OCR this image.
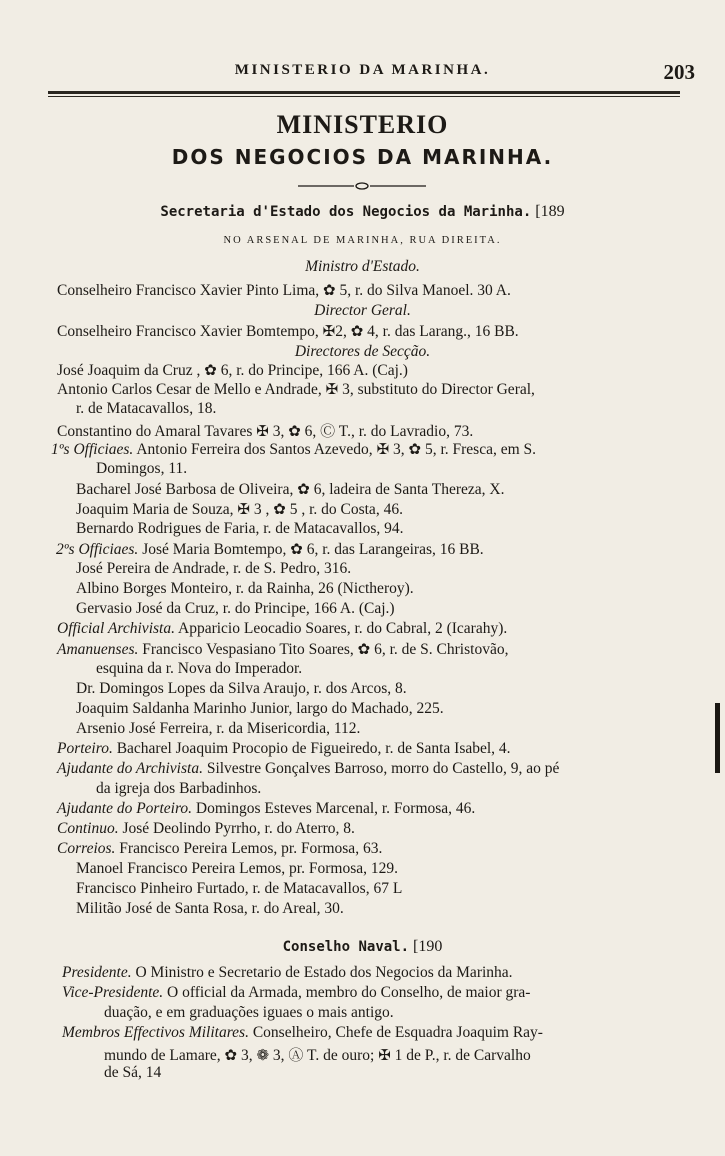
MINISTERIO DA MARINHA.	203
MINISTERIO
DOS NEGOCIOS DA MARINHA.
Secretaria d'Estado dos Negocios da Marinha. [189
NO ARSENAL DE MARINHA, RUA DIREITA.
Ministro d'Estado.
Conselheiro Francisco Xavier Pinto Lima, ✿ 5, r. do Silva Manoel. 30 A.
Director Geral.
Conselheiro Francisco Xavier Bomtempo, ✠2, ✿ 4, r. das Larang., 16 BB.
Directores de Secção.
José Joaquim da Cruz , ✿ 6, r. do Principe, 166 A. (Caj.)
Antonio Carlos Cesar de Mello e Andrade, ✠ 3, substituto do Director Geral,
r. de Matacavallos, 18.
Constantino do Amaral Tavares ✠ 3, ✿ 6, Ⓒ T., r. do Lavradio, 73.
1ºs Officiaes. Antonio Ferreira dos Santos Azevedo, ✠ 3, ✿ 5, r. Fresca, em S.
Domingos, 11.
Bacharel José Barbosa de Oliveira, ✿ 6, ladeira de Santa Thereza, X.
Joaquim Maria de Souza, ✠ 3 , ✿ 5 , r. do Costa, 46.
Bernardo Rodrigues de Faria, r. de Matacavallos, 94.
2ºs Officiaes. José Maria Bomtempo, ✿ 6, r. das Larangeiras, 16 BB.
José Pereira de Andrade, r. de S. Pedro, 316.
Albino Borges Monteiro, r. da Rainha, 26 (Nictheroy).
Gervasio José da Cruz, r. do Principe, 166 A. (Caj.)
Official Archivista. Apparicio Leocadio Soares, r. do Cabral, 2 (Icarahy).
Amanuenses. Francisco Vespasiano Tito Soares, ✿ 6, r. de S. Christovão,
esquina da r. Nova do Imperador.
Dr. Domingos Lopes da Silva Araujo, r. dos Arcos, 8.
Joaquim Saldanha Marinho Junior, largo do Machado, 225.
Arsenio José Ferreira, r. da Misericordia, 112.
Porteiro. Bacharel Joaquim Procopio de Figueiredo, r. de Santa Isabel, 4.
Ajudante do Archivista. Silvestre Gonçalves Barroso, morro do Castello, 9, ao pé
da igreja dos Barbadinhos.
Ajudante do Porteiro. Domingos Esteves Marcenal, r. Formosa, 46.
Continuo. José Deolindo Pyrrho, r. do Aterro, 8.
Correios. Francisco Pereira Lemos, pr. Formosa, 63.
Manoel Francisco Pereira Lemos, pr. Formosa, 129.
Francisco Pinheiro Furtado, r. de Matacavallos, 67 L
Militão José de Santa Rosa, r. do Areal, 30.
Conselho Naval. [190
Presidente. O Ministro e Secretario de Estado dos Negocios da Marinha.
Vice-Presidente. O official da Armada, membro do Conselho, de maior gra-
duação, e em graduações iguaes o mais antigo.
Membros Effectivos Militares. Conselheiro, Chefe de Esquadra Joaquim Ray-
mundo de Lamare, ✿ 3, ❁ 3, Ⓐ T. de ouro; ✠ 1 de P., r. de Carvalho
de Sá, 14
